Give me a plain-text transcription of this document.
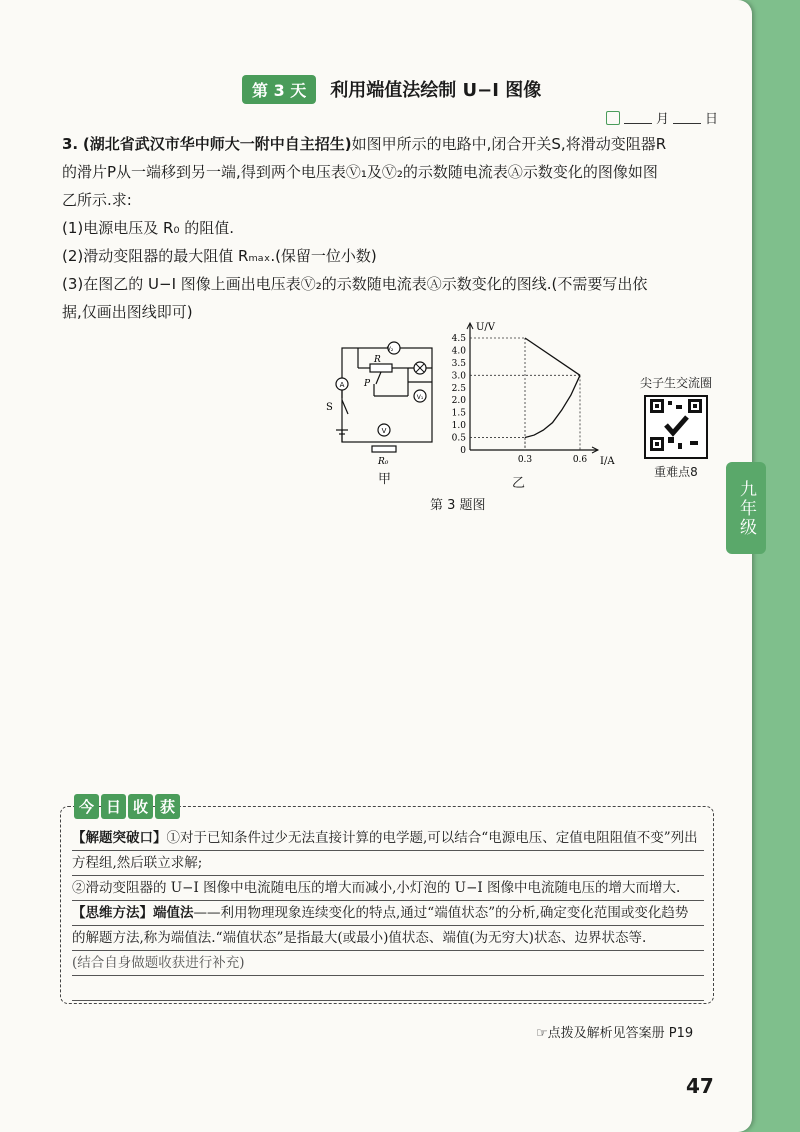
第 3 天	利用端值法绘制 U−I 图像
月	日

3. (湖北省武汉市华中师大一附中自主招生)如图甲所示的电路中,闭合开关S,将滑动变阻器R

的滑片P从一端移到另一端,得到两个电压表Ⓥ₁及Ⓥ₂的示数随电流表Ⓐ示数变化的图像如图

乙所示.求:

(1)电源电压及 R₀ 的阻值.

(2)滑动变阻器的最大阻值 Rₘₐₓ.(保留一位小数)

(3)在图乙的 U−I 图像上画出电压表Ⓥ₂的示数随电流表Ⓐ示数变化的图线.(不需要写出依

据,仅画出图线即可)

V₂
V₁
V
A
R
P
S
R₀
甲
U/V
I/A
0
0.5
1.0
1.5
2.0
2.5
3.0
3.5
4.0
4.5
0.3	0.6
乙
第 3 题图
尖子生交流圈
重难点8
今 日 收 获
【解题突破口】①对于已知条件过少无法直接计算的电学题,可以结合“电源电压、定值电阻阻值不变”列出
方程组,然后联立求解;
②滑动变阻器的 U−I 图像中电流随电压的增大而减小,小灯泡的 U−I 图像中电流随电压的增大而增大.
【思维方法】端值法——利用物理现象连续变化的特点,通过“端值状态”的分析,确定变化范围或变化趋势
的解题方法,称为端值法.“端值状态”是指最大(或最小)值状态、端值(为无穷大)状态、边界状态等.
(结合自身做题收获进行补充)
☞点拨及解析见答案册 P19
47
九年级
